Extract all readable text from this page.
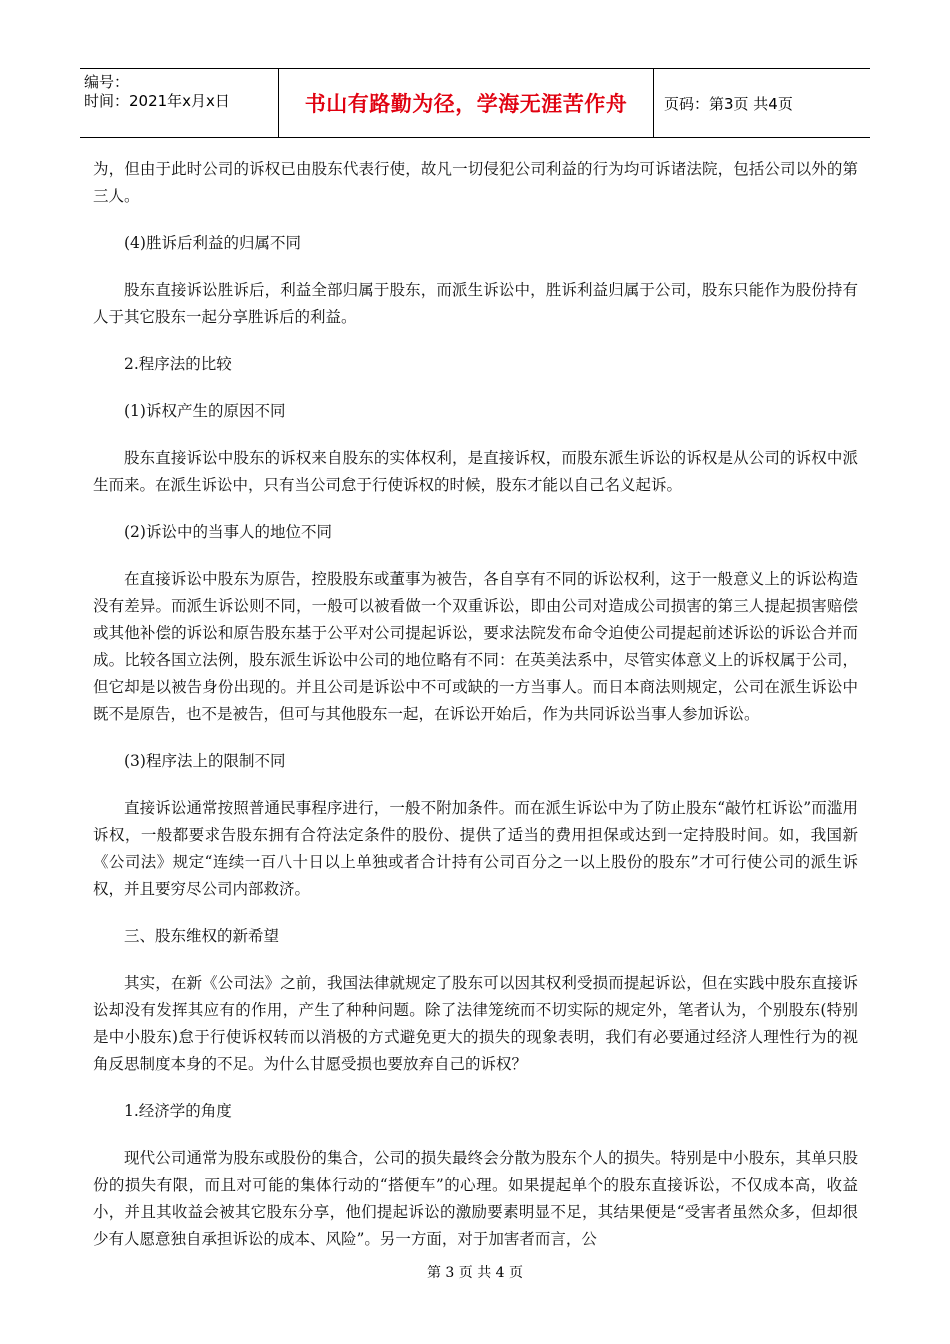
编号：
时间：2021年x月x日	书山有路勤为径，学海无涯苦作舟	页码：第3页 共4页

为，但由于此时公司的诉权已由股东代表行使，故凡一切侵犯公司利益的行为均可诉诸法院，包括公司以外的第三人。

(4)胜诉后利益的归属不同

股东直接诉讼胜诉后，利益全部归属于股东，而派生诉讼中，胜诉利益归属于公司，股东只能作为股份持有人于其它股东一起分享胜诉后的利益。

2.程序法的比较

(1)诉权产生的原因不同

股东直接诉讼中股东的诉权来自股东的实体权利，是直接诉权，而股东派生诉讼的诉权是从公司的诉权中派生而来。在派生诉讼中，只有当公司怠于行使诉权的时候，股东才能以自己名义起诉。

(2)诉讼中的当事人的地位不同

在直接诉讼中股东为原告，控股股东或董事为被告，各自享有不同的诉讼权利，这于一般意义上的诉讼构造没有差异。而派生诉讼则不同，一般可以被看做一个双重诉讼，即由公司对造成公司损害的第三人提起损害赔偿或其他补偿的诉讼和原告股东基于公平对公司提起诉讼，要求法院发布命令迫使公司提起前述诉讼的诉讼合并而成。比较各国立法例，股东派生诉讼中公司的地位略有不同：在英美法系中，尽管实体意义上的诉权属于公司，但它却是以被告身份出现的。并且公司是诉讼中不可或缺的一方当事人。而日本商法则规定，公司在派生诉讼中既不是原告，也不是被告，但可与其他股东一起，在诉讼开始后，作为共同诉讼当事人参加诉讼。

(3)程序法上的限制不同

直接诉讼通常按照普通民事程序进行，一般不附加条件。而在派生诉讼中为了防止股东“敲竹杠诉讼”而滥用诉权，一般都要求告股东拥有合符法定条件的股份、提供了适当的费用担保或达到一定持股时间。如，我国新《公司法》规定“连续一百八十日以上单独或者合计持有公司百分之一以上股份的股东”才可行使公司的派生诉权，并且要穷尽公司内部救济。

三、股东维权的新希望

其实，在新《公司法》之前，我国法律就规定了股东可以因其权利受损而提起诉讼，但在实践中股东直接诉讼却没有发挥其应有的作用，产生了种种问题。除了法律笼统而不切实际的规定外，笔者认为，个别股东(特别是中小股东)怠于行使诉权转而以消极的方式避免更大的损失的现象表明，我们有必要通过经济人理性行为的视角反思制度本身的不足。为什么甘愿受损也要放弃自己的诉权？

1.经济学的角度

现代公司通常为股东或股份的集合，公司的损失最终会分散为股东个人的损失。特别是中小股东，其单只股份的损失有限，而且对可能的集体行动的“搭便车”的心理。如果提起单个的股东直接诉讼，不仅成本高，收益小，并且其收益会被其它股东分享，他们提起诉讼的激励要素明显不足，其结果便是“受害者虽然众多，但却很少有人愿意独自承担诉讼的成本、风险”。另一方面，对于加害者而言，公

第 3 页 共 4 页
